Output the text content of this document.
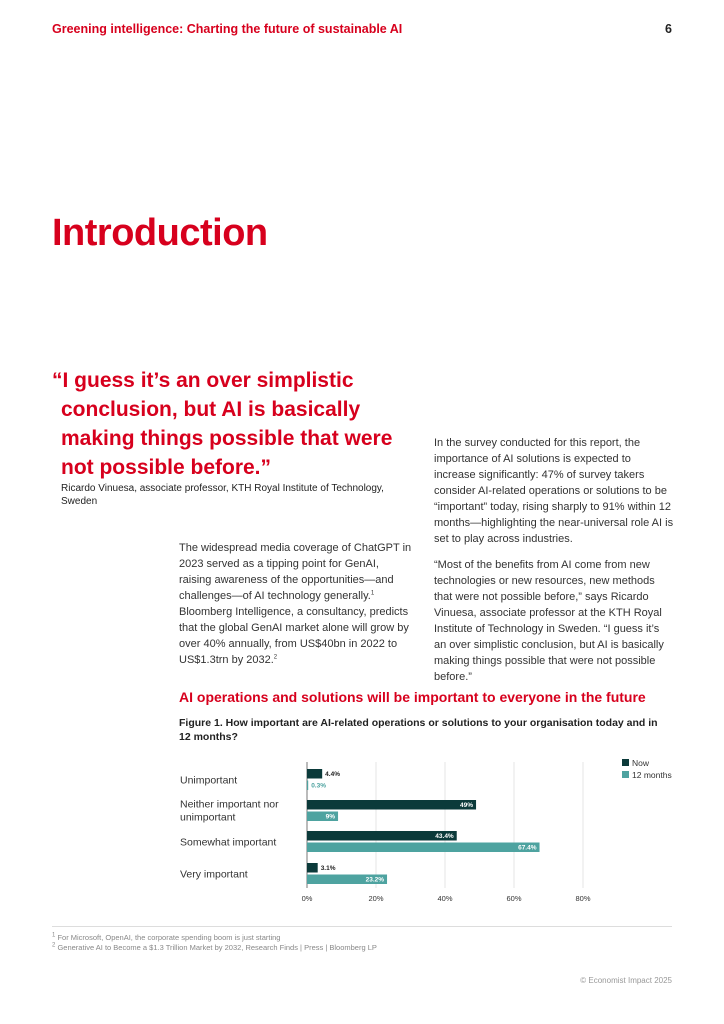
Greening intelligence: Charting the future of sustainable AI	6
Introduction
“I guess it’s an over simplistic
conclusion, but AI is basically
making things possible that were
not possible before.”
Ricardo Vinuesa, associate professor, KTH Royal Institute of Technology, Sweden

The widespread media coverage of ChatGPT in 2023 served as a tipping point for GenAI, raising awareness of the opportunities—and challenges—of AI technology generally.$^1$ Bloomberg Intelligence, a consultancy, predicts that the global GenAI market alone will grow by over 40% annually, from US$40bn in 2022 to US$1.3trn by 2032.$^2$

In the survey conducted for this report, the importance of AI solutions is expected to increase significantly: 47% of survey takers consider AI-related operations or solutions to be “important” today, rising sharply to 91% within 12 months—highlighting the near-universal role AI is set to play across industries.

“Most of the benefits from AI come from new technologies or new resources, new methods that were not possible before,” says Ricardo Vinuesa, associate professor at the KTH Royal Institute of Technology in Sweden. “I guess it’s an over simplistic conclusion, but AI is basically making things possible that were not possible before.”

AI operations and solutions will be important to everyone in the future
Figure 1. How important are AI-related operations or solutions to your organisation today and in 12 months?
0%	20%	40%	60%	80%
Unimportant
Neither important nor
unimportant
Somewhat important
Very important
4.4%
49%
43.4%
3.1%
0.3%
9%
67.4%
23.2%
Now
12 months
$^1$ For Microsoft, OpenAI, the corporate spending boom is just starting
$^2$ Generative AI to Become a $1.3 Trillion Market by 2032, Research Finds | Press | Bloomberg LP
© Economist Impact 2025
